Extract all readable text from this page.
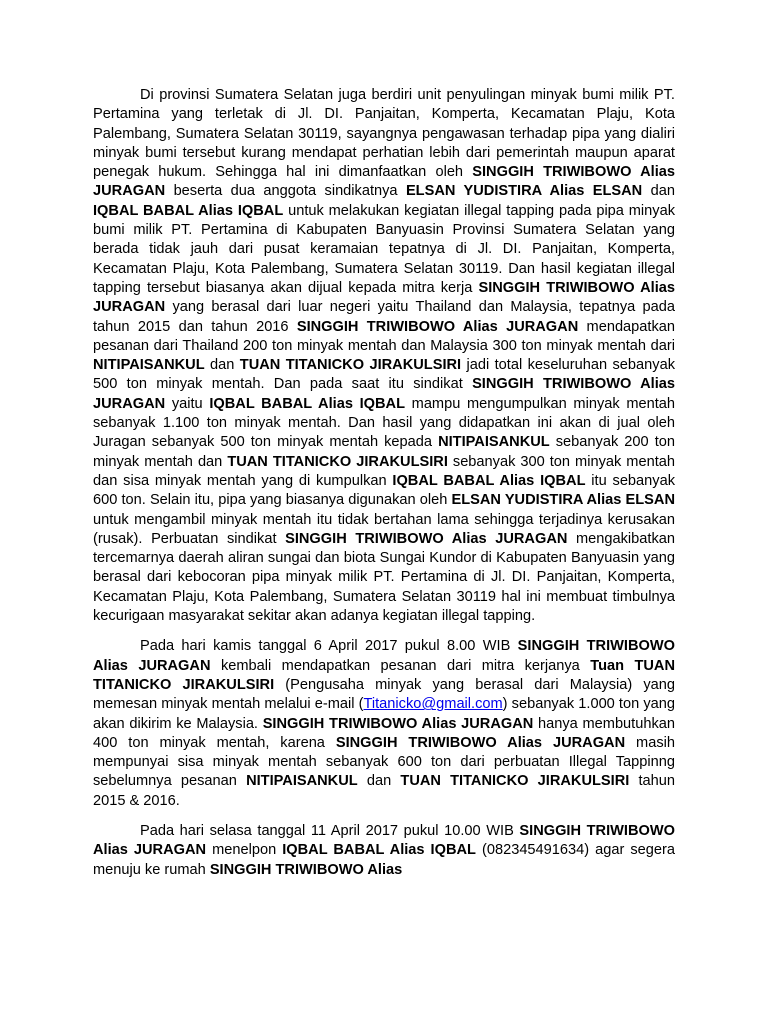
Di provinsi Sumatera Selatan juga berdiri unit penyulingan minyak bumi milik PT. Pertamina yang terletak di Jl. DI. Panjaitan, Komperta, Kecamatan Plaju, Kota Palembang, Sumatera Selatan 30119, sayangnya pengawasan terhadap pipa yang dialiri minyak bumi tersebut kurang mendapat perhatian lebih dari pemerintah maupun aparat penegak hukum. Sehingga hal ini dimanfaatkan oleh SINGGIH TRIWIBOWO Alias JURAGAN beserta dua anggota sindikatnya ELSAN YUDISTIRA Alias ELSAN dan IQBAL BABAL Alias IQBAL untuk melakukan kegiatan illegal tapping pada pipa minyak bumi milik PT. Pertamina di Kabupaten Banyuasin Provinsi Sumatera Selatan yang berada tidak jauh dari pusat keramaian tepatnya di Jl. DI. Panjaitan, Komperta, Kecamatan Plaju, Kota Palembang, Sumatera Selatan 30119. Dan hasil kegiatan illegal tapping tersebut biasanya akan dijual kepada mitra kerja SINGGIH TRIWIBOWO Alias JURAGAN yang berasal dari luar negeri yaitu Thailand dan Malaysia, tepatnya pada tahun 2015 dan tahun 2016 SINGGIH TRIWIBOWO Alias JURAGAN mendapatkan pesanan dari Thailand 200 ton minyak mentah dan Malaysia 300 ton minyak mentah dari NITIPAISANKUL dan TUAN TITANICKO JIRAKULSIRI jadi total keseluruhan sebanyak 500 ton minyak mentah. Dan pada saat itu sindikat SINGGIH TRIWIBOWO Alias JURAGAN yaitu IQBAL BABAL Alias IQBAL mampu mengumpulkan minyak mentah sebanyak 1.100 ton minyak mentah. Dan hasil yang didapatkan ini akan di jual oleh Juragan sebanyak 500 ton minyak mentah kepada NITIPAISANKUL sebanyak 200 ton minyak mentah dan TUAN TITANICKO JIRAKULSIRI sebanyak 300 ton minyak mentah dan sisa minyak mentah yang di kumpulkan IQBAL BABAL Alias IQBAL itu sebanyak 600 ton. Selain itu, pipa yang biasanya digunakan oleh ELSAN YUDISTIRA Alias ELSAN untuk mengambil minyak mentah itu tidak bertahan lama sehingga terjadinya kerusakan (rusak). Perbuatan sindikat SINGGIH TRIWIBOWO Alias JURAGAN mengakibatkan tercemarnya daerah aliran sungai dan biota Sungai Kundor di Kabupaten Banyuasin yang berasal dari kebocoran pipa minyak milik PT. Pertamina di Jl. DI. Panjaitan, Komperta, Kecamatan Plaju, Kota Palembang, Sumatera Selatan 30119 hal ini membuat timbulnya kecurigaan masyarakat sekitar akan adanya kegiatan illegal tapping.

Pada hari kamis tanggal 6 April 2017 pukul 8.00 WIB SINGGIH TRIWIBOWO Alias JURAGAN kembali mendapatkan pesanan dari mitra kerjanya Tuan TUAN TITANICKO JIRAKULSIRI (Pengusaha minyak yang berasal dari Malaysia) yang memesan minyak mentah melalui e-mail (Titanicko@gmail.com) sebanyak 1.000 ton yang akan dikirim ke Malaysia. SINGGIH TRIWIBOWO Alias JURAGAN hanya membutuhkan 400 ton minyak mentah, karena SINGGIH TRIWIBOWO Alias JURAGAN masih mempunyai sisa minyak mentah sebanyak 600 ton dari perbuatan Illegal Tappinng sebelumnya pesanan NITIPAISANKUL dan TUAN TITANICKO JIRAKULSIRI tahun 2015 & 2016.

Pada hari selasa tanggal 11 April 2017 pukul 10.00 WIB SINGGIH TRIWIBOWO Alias JURAGAN menelpon IQBAL BABAL Alias IQBAL (082345491634) agar segera menuju ke rumah SINGGIH TRIWIBOWO Alias
